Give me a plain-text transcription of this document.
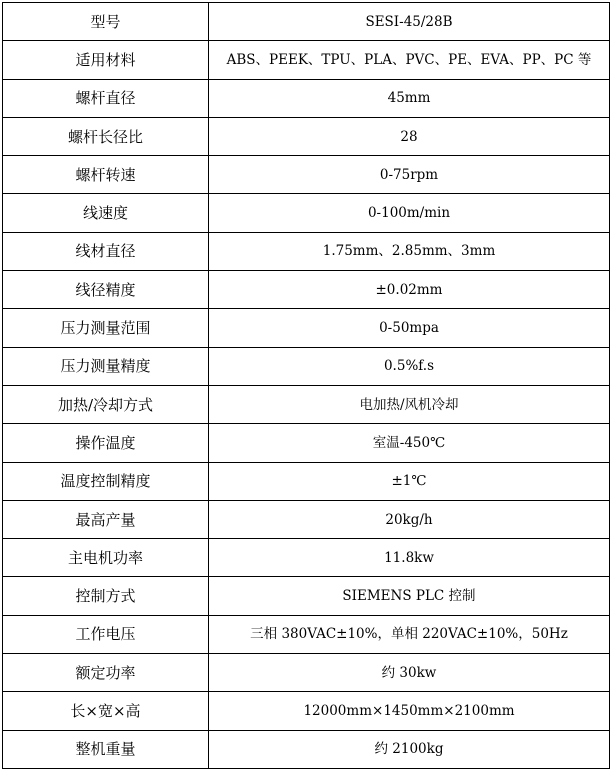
型号	SESI-45/28B
适用材料	ABS、PEEK、TPU、PLA、PVC、PE、EVA、PP、PC 等
螺杆直径	45mm
螺杆长径比	28
螺杆转速	0-75rpm
线速度	0-100m/min
线材直径	1.75mm、2.85mm、3mm
线径精度	±0.02mm
压力测量范围	0-50mpa
压力测量精度	0.5%f.s
加热/冷却方式	电加热/风机冷却
操作温度	室温-450℃
温度控制精度	±1℃
最高产量	20kg/h
主电机功率	11.8kw
控制方式	SIEMENS PLC 控制
工作电压	三相 380VAC±10%，单相 220VAC±10%，50Hz
额定功率	约 30kw
长×宽×高	12000mm×1450mm×2100mm
整机重量	约 2100kg
